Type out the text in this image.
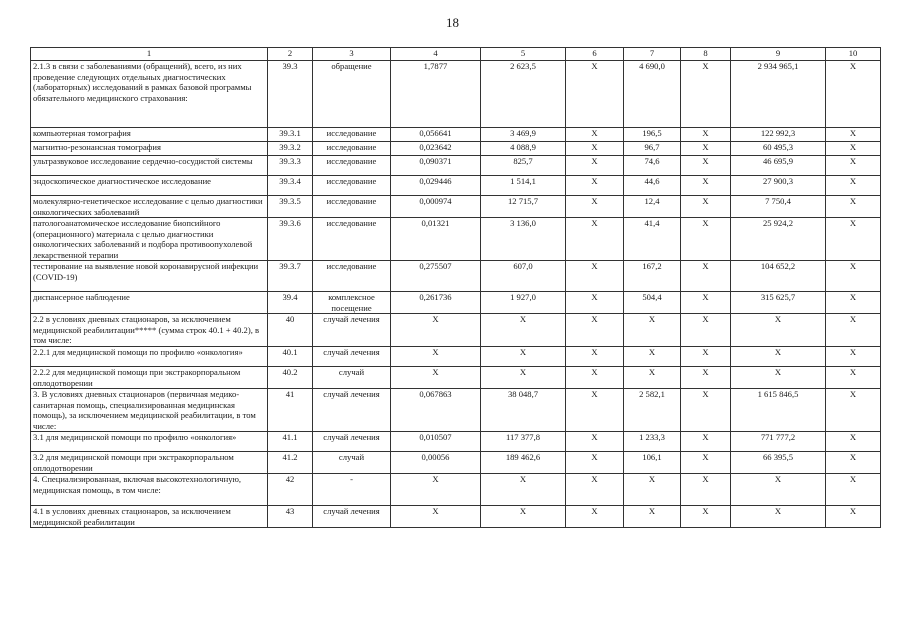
18
1	2	3	4	5	6	7	8	9	10
2.1.3 в связи с заболеваниями (обращений), всего, из них проведение следующих отдельных диагностических (лабораторных) исследований в рамках базовой программы обязательного медицинского страхования:	39.3	обращение	1,7877	2 623,5	X	4 690,0	X	2 934 965,1	X
компьютерная томография	39.3.1	исследование	0,056641	3 469,9	X	196,5	X	122 992,3	X
магнитно-резонансная томография	39.3.2	исследование	0,023642	4 088,9	X	96,7	X	60 495,3	X
ультразвуковое исследование сердечно-сосудистой системы	39.3.3	исследование	0,090371	825,7	X	74,6	X	46 695,9	X
эндоскопическое диагностическое исследование	39.3.4	исследование	0,029446	1 514,1	X	44,6	X	27 900,3	X
молекулярно-генетическое исследование с целью диагностики онкологических заболеваний	39.3.5	исследование	0,000974	12 715,7	X	12,4	X	7 750,4	X
патологоанатомическое исследование биопсийного (операционного) материала с целью диагностики онкологических заболеваний и подбора противоопухолевой лекарственной терапии	39.3.6	исследование	0,01321	3 136,0	X	41,4	X	25 924,2	X
тестирование на выявление новой коронавирусной инфекции (COVID-19)	39.3.7	исследование	0,275507	607,0	X	167,2	X	104 652,2	X
диспансерное наблюдение	39.4	комплексное посещение	0,261736	1 927,0	X	504,4	X	315 625,7	X
2.2 в условиях дневных стационаров, за исключением медицинской реабилитации***** (сумма строк 40.1 + 40.2), в том числе:	40	случай лечения	X	X	X	X	X	X	X
2.2.1 для медицинской помощи по профилю «онкология»	40.1	случай лечения	X	X	X	X	X	X	X
2.2.2 для медицинской помощи при экстракорпоральном оплодотворении	40.2	случай	X	X	X	X	X	X	X
3. В условиях дневных стационаров (первичная медико-санитарная помощь, специализированная медицинская помощь), за исключением медицинской реабилитации, в том числе:	41	случай лечения	0,067863	38 048,7	X	2 582,1	X	1 615 846,5	X
3.1 для медицинской помощи по профилю «онкология»	41.1	случай лечения	0,010507	117 377,8	X	1 233,3	X	771 777,2	X
3.2 для медицинской помощи при экстракорпоральном оплодотворении	41.2	случай	0,00056	189 462,6	X	106,1	X	66 395,5	X
4. Специализированная, включая высокотехнологичную, медицинская помощь, в том числе:	42	-	X	X	X	X	X	X	X
4.1 в условиях дневных стационаров, за исключением медицинской реабилитации	43	случай лечения	X	X	X	X	X	X	X
